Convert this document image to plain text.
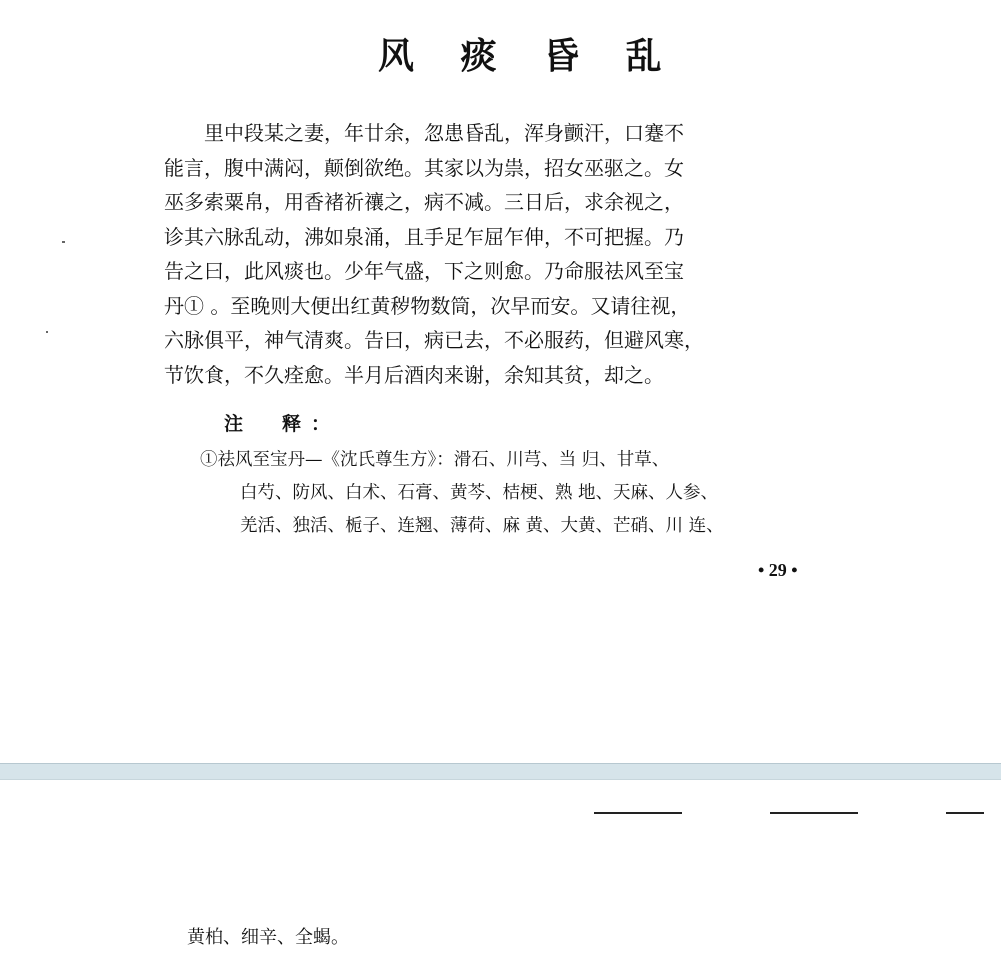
风 痰 昏 乱
　　里中段某之妻，年廿余，忽患昏乱，浑身颤汗，口蹇不
能言，腹中满闷，颠倒欲绝。其家以为祟，招女巫驱之。女
巫多索粟帛，用香褚祈禳之，病不减。三日后，求余视之，
诊其六脉乱动，沸如泉涌，且手足乍屈乍伸，不可把握。乃
告之曰，此风痰也。少年气盛，下之则愈。乃命服祛风至宝
丹① 。至晚则大便出红黄秽物数筒，次早而安。又请往视，
六脉俱平，神气清爽。告曰，病已去，不必服药，但避风寒，
节饮食，不久痊愈。半月后酒肉来谢，余知其贫，却之。
注　释：
①祛风至宝丹—《沈氏尊生方》：滑石、川芎、当 归、甘草、
白芍、防风、白术、石膏、黄芩、桔梗、熟 地、天麻、人参、
羌活、独活、栀子、连翘、薄荷、麻 黄、大黄、芒硝、川 连、
• 29 •
黄柏、细辛、全蝎。
